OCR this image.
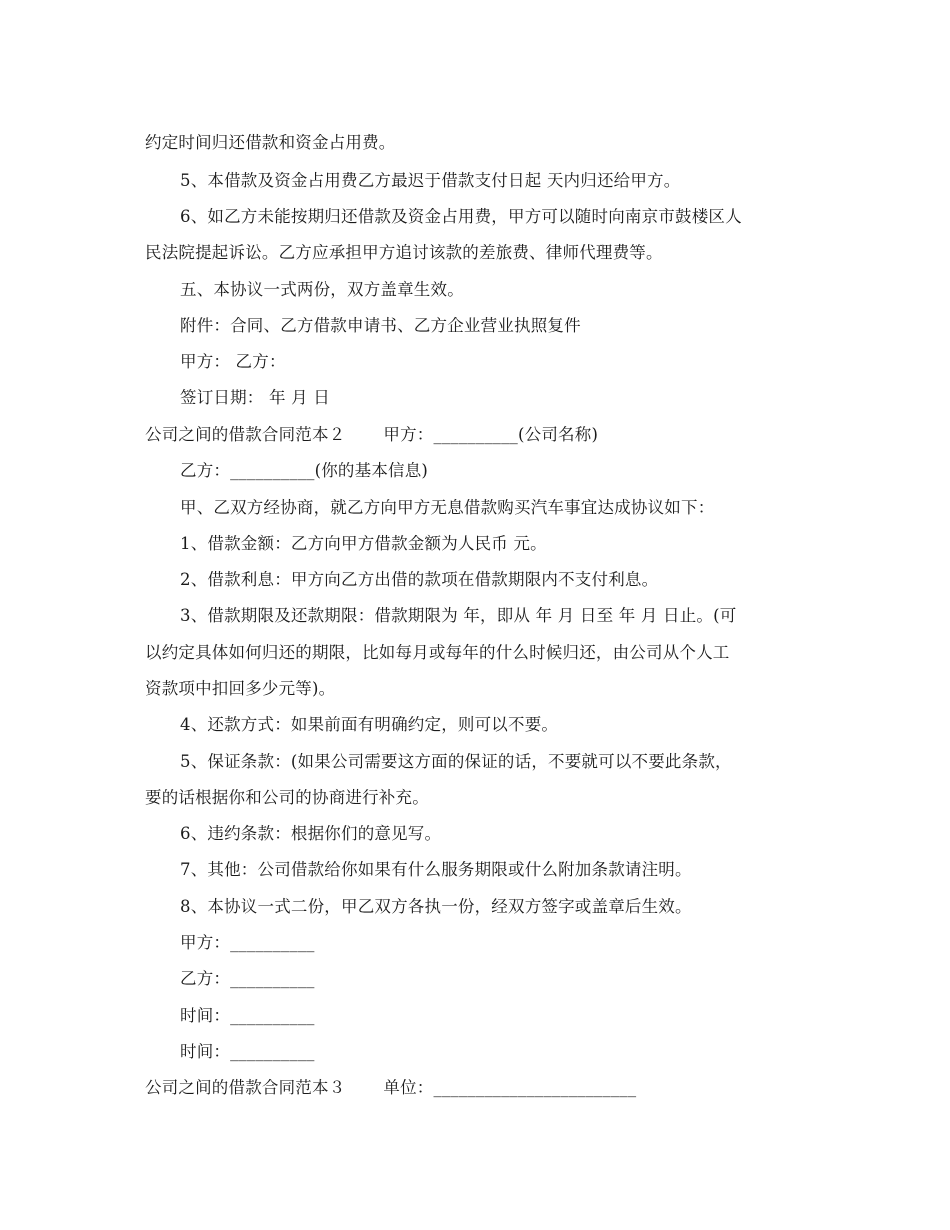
约定时间归还借款和资金占用费。
5、本借款及资金占用费乙方最迟于借款支付日起 天内归还给甲方。
6、如乙方未能按期归还借款及资金占用费，甲方可以随时向南京市鼓楼区人
民法院提起诉讼。乙方应承担甲方追讨该款的差旅费、律师代理费等。
五、本协议一式两份，双方盖章生效。
附件：合同、乙方借款申请书、乙方企业营业执照复件
甲方： 乙方：
签订日期： 年 月 日
公司之间的借款合同范本２ 甲方：__________(公司名称)
乙方：__________(你的基本信息)
甲、乙双方经协商，就乙方向甲方无息借款购买汽车事宜达成协议如下：
1、借款金额：乙方向甲方借款金额为人民币 元。
2、借款利息：甲方向乙方出借的款项在借款期限内不支付利息。
3、借款期限及还款期限：借款期限为 年，即从 年 月 日至 年 月 日止。(可
以约定具体如何归还的期限，比如每月或每年的什么时候归还，由公司从个人工
资款项中扣回多少元等)。
4、还款方式：如果前面有明确约定，则可以不要。
5、保证条款：(如果公司需要这方面的保证的话，不要就可以不要此条款，
要的话根据你和公司的协商进行补充。
6、违约条款：根据你们的意见写。
7、其他：公司借款给你如果有什么服务期限或什么附加条款请注明。
8、本协议一式二份，甲乙双方各执一份，经双方签字或盖章后生效。
甲方：__________
乙方：__________
时间：__________
时间：__________
公司之间的借款合同范本３ 单位：________________________
